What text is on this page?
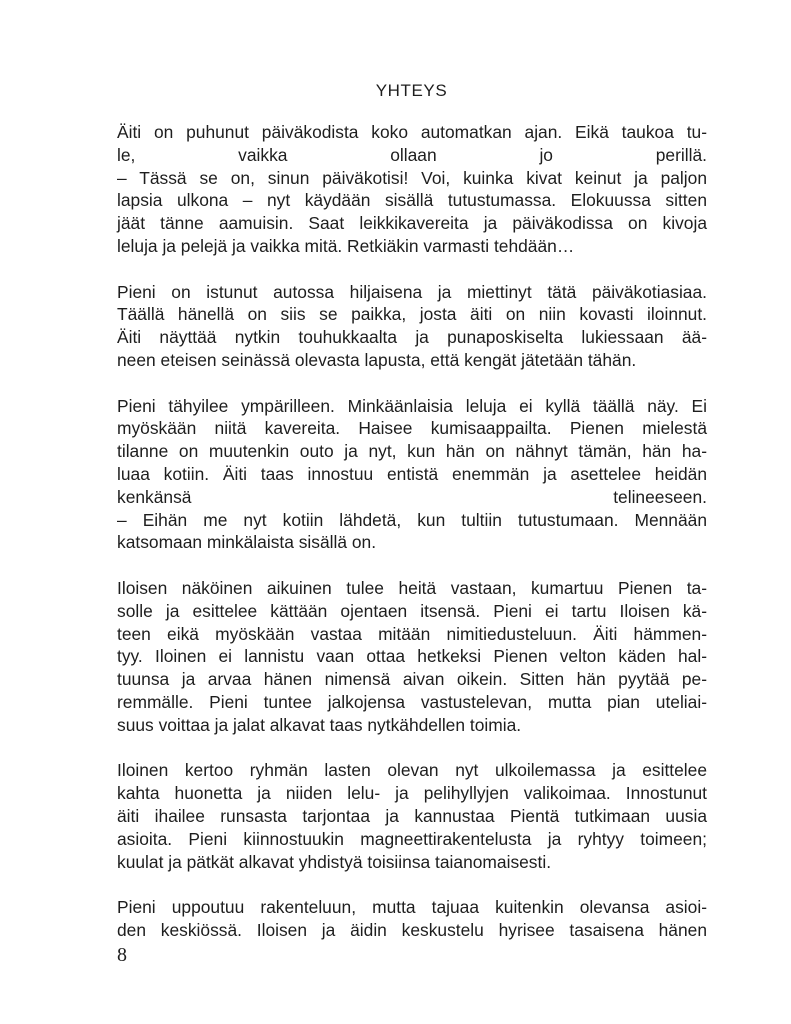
YHTEYS
Äiti on puhunut päiväkodista koko automatkan ajan. Eikä taukoa tu-
le, vaikka ollaan jo perillä.
– Tässä se on, sinun päiväkotisi! Voi, kuinka kivat keinut ja paljon
lapsia ulkona – nyt käydään sisällä tutustumassa. Elokuussa sitten
jäät tänne aamuisin. Saat leikkikavereita ja päiväkodissa on kivoja
leluja ja pelejä ja vaikka mitä. Retkiäkin varmasti tehdään…
Pieni on istunut autossa hiljaisena ja miettinyt tätä päiväkotiasiaa.
Täällä hänellä on siis se paikka, josta äiti on niin kovasti iloinnut.
Äiti näyttää nytkin touhukkaalta ja punaposkiselta lukiessaan ää-
neen eteisen seinässä olevasta lapusta, että kengät jätetään tähän.
Pieni tähyilee ympärilleen. Minkäänlaisia leluja ei kyllä täällä näy. Ei
myöskään niitä kavereita. Haisee kumisaappailta. Pienen mielestä
tilanne on muutenkin outo ja nyt, kun hän on nähnyt tämän, hän ha-
luaa kotiin. Äiti taas innostuu entistä enemmän ja asettelee heidän
kenkänsä telineeseen.
– Eihän me nyt kotiin lähdetä, kun tultiin tutustumaan. Mennään
katsomaan minkälaista sisällä on.
Iloisen näköinen aikuinen tulee heitä vastaan, kumartuu Pienen ta-
solle ja esittelee kättään ojentaen itsensä. Pieni ei tartu Iloisen kä-
teen eikä myöskään vastaa mitään nimitiedusteluun. Äiti hämmen-
tyy. Iloinen ei lannistu vaan ottaa hetkeksi Pienen velton käden hal-
tuunsa ja arvaa hänen nimensä aivan oikein. Sitten hän pyytää pe-
remmälle. Pieni tuntee jalkojensa vastustelevan, mutta pian uteliai-
suus voittaa ja jalat alkavat taas nytkähdellen toimia.
Iloinen kertoo ryhmän lasten olevan nyt ulkoilemassa ja esittelee
kahta huonetta ja niiden lelu- ja pelihyllyjen valikoimaa. Innostunut
äiti ihailee runsasta tarjontaa ja kannustaa Pientä tutkimaan uusia
asioita. Pieni kiinnostuukin magneettirakentelusta ja ryhtyy toimeen;
kuulat ja pätkät alkavat yhdistyä toisiinsa taianomaisesti.
Pieni uppoutuu rakenteluun, mutta tajuaa kuitenkin olevansa asioi-
den keskiössä. Iloisen ja äidin keskustelu hyrisee tasaisena hänen
8
